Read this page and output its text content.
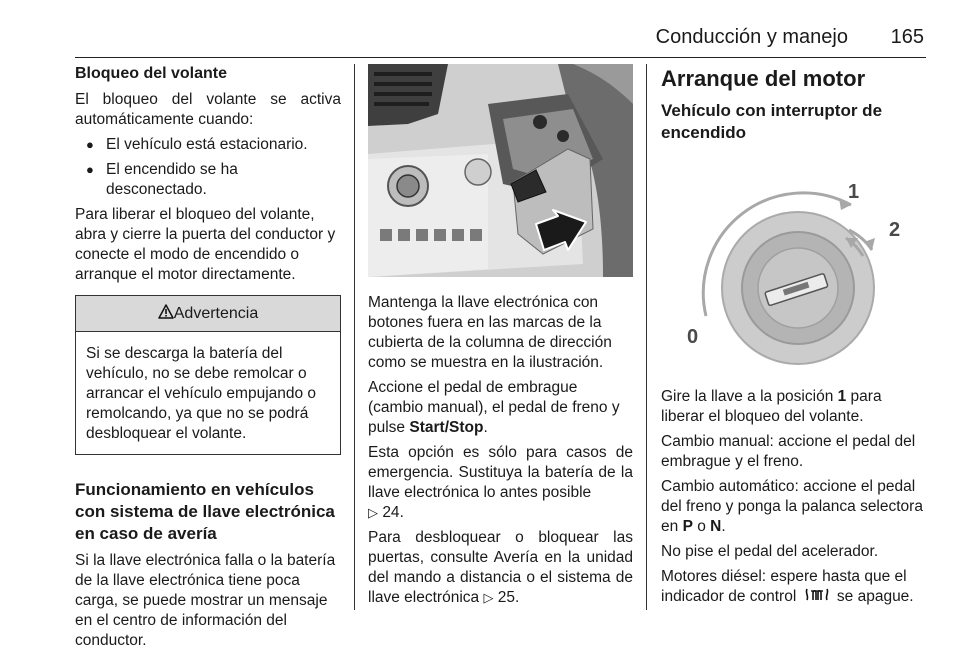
Conducción y manejo 165
Bloqueo del volante

El bloqueo del volante se activa automáticamente cuando:

● El vehículo está estacionario.
● El encendido se ha desconectado.

Para liberar el bloqueo del volante, abra y cierre la puerta del conductor y conecte el modo de encendido o arranque el motor directamente.

Advertencia
Si se descarga la batería del vehículo, no se debe remolcar o arrancar el vehículo empujando o remolcando, ya que no se podrá desbloquear el volante.
Funcionamiento en vehículos con sistema de llave electrónica en caso de avería

Si la llave electrónica falla o la batería de la llave electrónica tiene poca carga, se puede mostrar un mensaje en el centro de información del conductor.

Mantenga la llave electrónica con botones fuera en las marcas de la cubierta de la columna de dirección como se muestra en la ilustración.

Accione el pedal de embrague (cambio manual), el pedal de freno y pulse Start/Stop.

Esta opción es sólo para casos de emergencia. Sustituya la batería de la llave electrónica lo antes posible
▷ 24.

Para desbloquear o bloquear las puertas, consulte Avería en la unidad del mando a distancia o el sistema de llave electrónica ▷ 25.

Arranque del motor
Vehículo con interruptor de encendido
1
2
0

Gire la llave a la posición 1 para liberar el bloqueo del volante.

Cambio manual: accione el pedal del embrague y el freno.

Cambio automático: accione el pedal del freno y ponga la palanca selectora en P o N.

No pise el pedal del acelerador.

Motores diésel: espere hasta que el indicador de control	se apague.
